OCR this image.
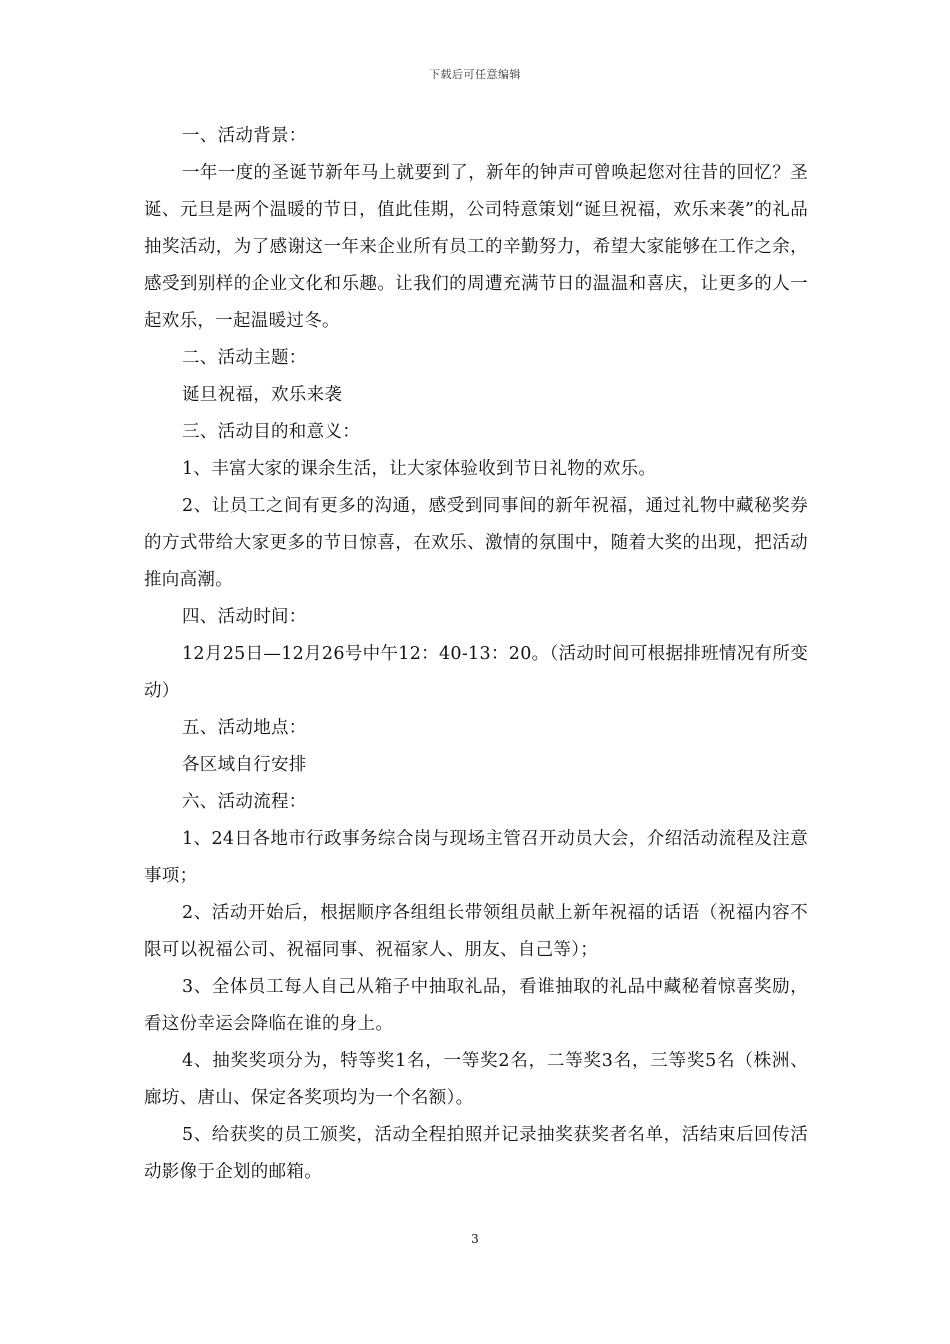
下载后可任意编辑

一、活动背景：

一年一度的圣诞节新年马上就要到了，新年的钟声可曾唤起您对往昔的回忆？圣诞、元旦是两个温暖的节日，值此佳期，公司特意策划“诞旦祝福，欢乐来袭”的礼品抽奖活动，为了感谢这一年来企业所有员工的辛勤努力，希望大家能够在工作之余，感受到别样的企业文化和乐趣。让我们的周遭充满节日的温温和喜庆，让更多的人一起欢乐，一起温暖过冬。

二、活动主题：

诞旦祝福，欢乐来袭

三、活动目的和意义：

1、丰富大家的课余生活，让大家体验收到节日礼物的欢乐。

2、让员工之间有更多的沟通，感受到同事间的新年祝福，通过礼物中藏秘奖券的方式带给大家更多的节日惊喜，在欢乐、激情的氛围中，随着大奖的出现，把活动推向高潮。

四、活动时间：

12月25日—12月26号中午12：40-13：20。（活动时间可根据排班情况有所变动）

五、活动地点：

各区域自行安排

六、活动流程：

1、24日各地市行政事务综合岗与现场主管召开动员大会，介绍活动流程及注意事项；

2、活动开始后，根据顺序各组组长带领组员献上新年祝福的话语（祝福内容不限可以祝福公司、祝福同事、祝福家人、朋友、自己等）；

3、全体员工每人自己从箱子中抽取礼品，看谁抽取的礼品中藏秘着惊喜奖励，看这份幸运会降临在谁的身上。

4、抽奖奖项分为，特等奖1名，一等奖2名，二等奖3名，三等奖5名（株洲、廊坊、唐山、保定各奖项均为一个名额）。

5、给获奖的员工颁奖，活动全程拍照并记录抽奖获奖者名单，活结束后回传活动影像于企划的邮箱。

3
